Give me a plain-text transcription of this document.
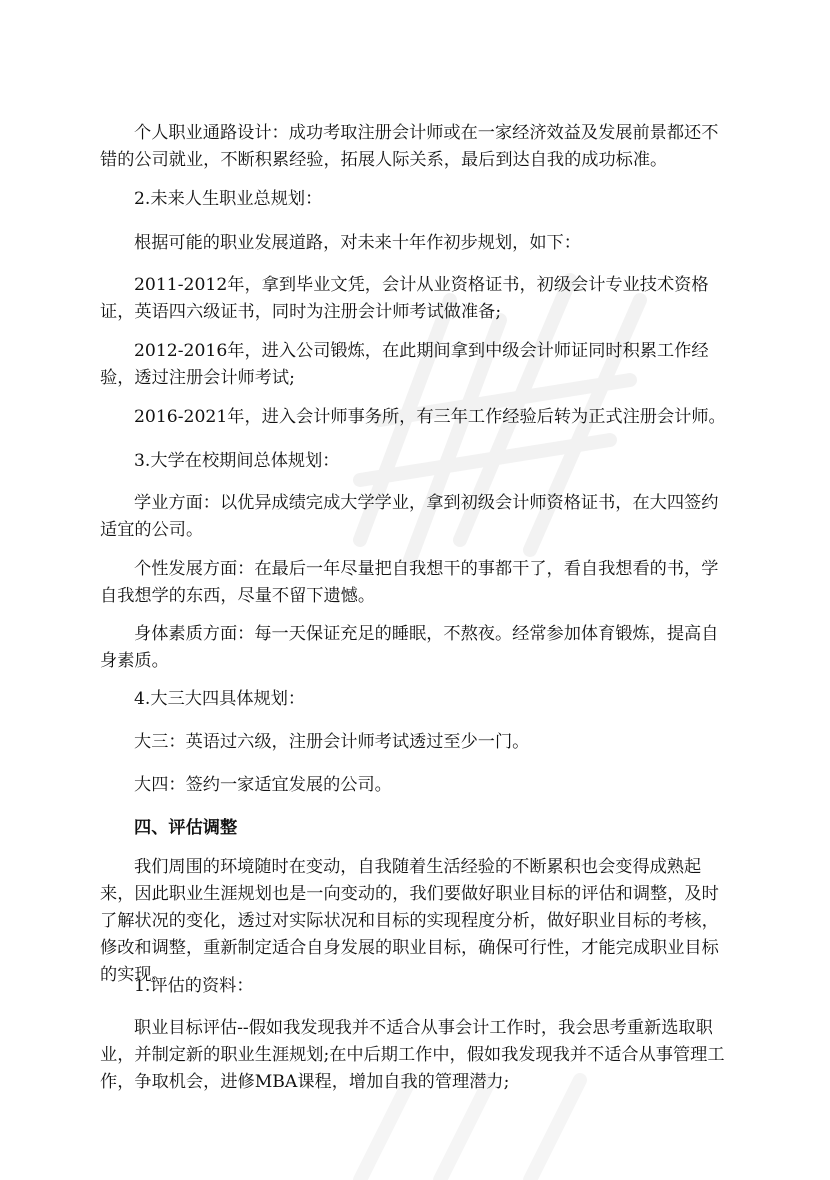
个人职业通路设计：成功考取注册会计师或在一家经济效益及发展前景都还不错的公司就业，不断积累经验，拓展人际关系，最后到达自我的成功标准。

2.未来人生职业总规划：

根据可能的职业发展道路，对未来十年作初步规划，如下：

2011-2012年，拿到毕业文凭，会计从业资格证书，初级会计专业技术资格证，英语四六级证书，同时为注册会计师考试做准备;

2012-2016年，进入公司锻炼，在此期间拿到中级会计师证同时积累工作经验，透过注册会计师考试;

2016-2021年，进入会计师事务所，有三年工作经验后转为正式注册会计师。

3.大学在校期间总体规划：

学业方面：以优异成绩完成大学学业，拿到初级会计师资格证书，在大四签约适宜的公司。

个性发展方面：在最后一年尽量把自我想干的事都干了，看自我想看的书，学自我想学的东西，尽量不留下遗憾。

身体素质方面：每一天保证充足的睡眠，不熬夜。经常参加体育锻炼，提高自身素质。

4.大三大四具体规划：

大三：英语过六级，注册会计师考试透过至少一门。

大四：签约一家适宜发展的公司。

四、评估调整

我们周围的环境随时在变动，自我随着生活经验的不断累积也会变得成熟起来，因此职业生涯规划也是一向变动的，我们要做好职业目标的评估和调整，及时了解状况的变化，透过对实际状况和目标的实现程度分析，做好职业目标的考核，修改和调整，重新制定适合自身发展的职业目标，确保可行性，才能完成职业目标的实现。

1.评估的资料：

职业目标评估--假如我发现我并不适合从事会计工作时，我会思考重新选取职业，并制定新的职业生涯规划;在中后期工作中，假如我发现我并不适合从事管理工作，争取机会，进修MBA课程，增加自我的管理潜力;
